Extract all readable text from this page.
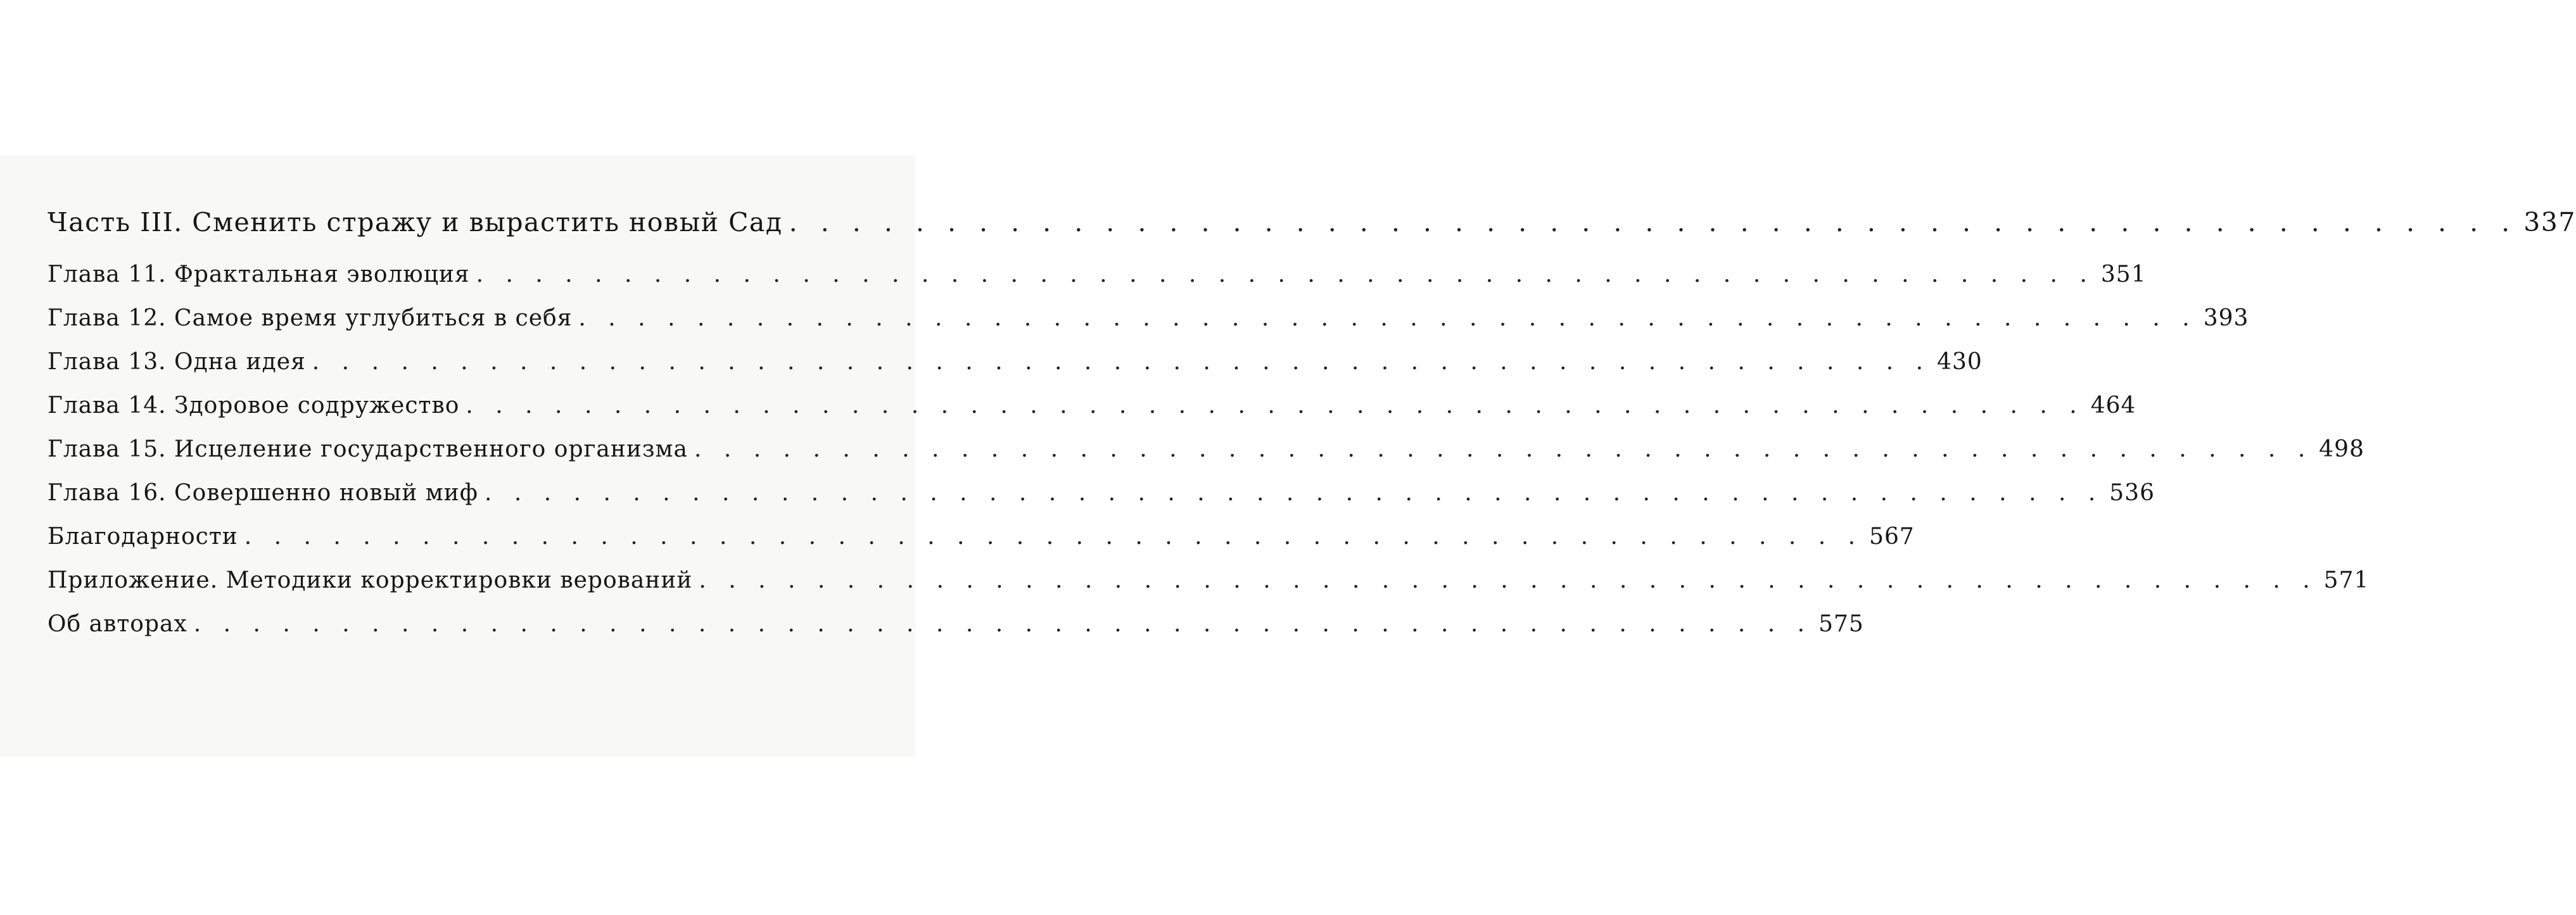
Часть III. Сменить стражу и вырастить новый Сад . . . . . . . . . . . . . . . . . . . . . . . . . . . . . . . . . . . . . . . . . . . . . . . . . . . . . . . 337
Глава 11. Фрактальная эволюция . . . . . . . . . . . . . . . . . . . . . . . . . . . . . . . . . . . . . . . . . . . . . . . . . . . . . . . 351
Глава 12. Самое время углубиться в себя . . . . . . . . . . . . . . . . . . . . . . . . . . . . . . . . . . . . . . . . . . . . . . . . . . . . . . . 393
Глава 13. Одна идея . . . . . . . . . . . . . . . . . . . . . . . . . . . . . . . . . . . . . . . . . . . . . . . . . . . . . . . 430
Глава 14. Здоровое содружество . . . . . . . . . . . . . . . . . . . . . . . . . . . . . . . . . . . . . . . . . . . . . . . . . . . . . . . 464
Глава 15. Исцеление государственного организма . . . . . . . . . . . . . . . . . . . . . . . . . . . . . . . . . . . . . . . . . . . . . . . . . . . . . . . 498
Глава 16. Совершенно новый миф . . . . . . . . . . . . . . . . . . . . . . . . . . . . . . . . . . . . . . . . . . . . . . . . . . . . . . . 536
Благодарности . . . . . . . . . . . . . . . . . . . . . . . . . . . . . . . . . . . . . . . . . . . . . . . . . . . . . . . 567
Приложение. Методики корректировки верований . . . . . . . . . . . . . . . . . . . . . . . . . . . . . . . . . . . . . . . . . . . . . . . . . . . . . . . 571
Об авторах . . . . . . . . . . . . . . . . . . . . . . . . . . . . . . . . . . . . . . . . . . . . . . . . . . . . . . . 575
